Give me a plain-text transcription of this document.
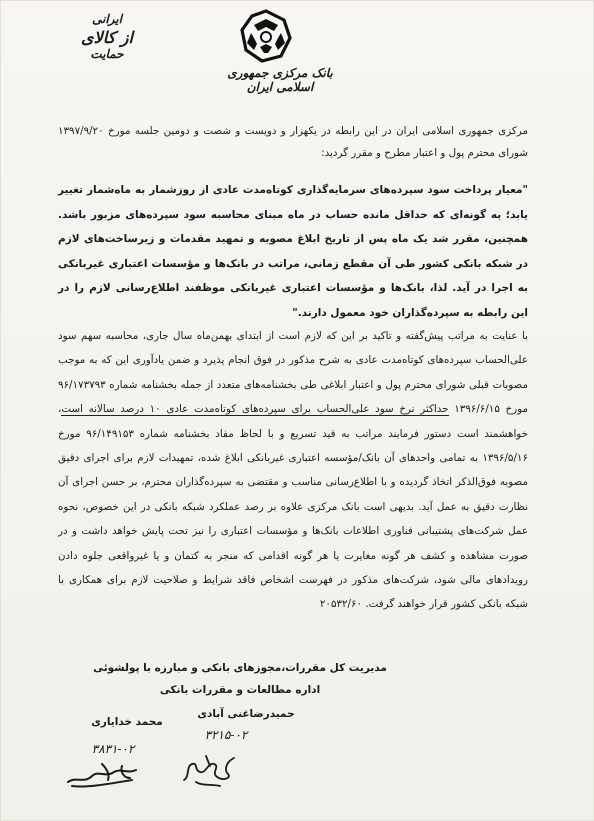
بانک مرکزی جمهوری اسلامی ایران
ایرانی
از کالای
حمایت
مرکزی جمهوری اسلامی ایران در این رابطه در یکهزار و دویست و شصت و دومین جلسه مورخ ۱۳۹۷/۹/۲۰ شورای محترم پول و اعتبار مطرح و مقرر گردید:
"معیار پرداخت سود سپرده‌های سرمایه‌گذاری کوتاه‌مدت عادی از روزشمار به ماه‌شمار تغییر یابد؛ به گونه‌ای که حداقل مانده حساب در ماه مبنای محاسبه سود سپرده‌های مزبور باشد. همچنین، مقرر شد یک ماه پس از تاریخ ابلاغ مصوبه و تمهید مقدمات و زیرساخت‌های لازم در شبکه بانکی کشور طی آن مقطع زمانی، مراتب در بانک‌ها و مؤسسات اعتباری غیربانکی به اجرا در آید. لذا، بانک‌ها و مؤسسات اعتباری غیربانکی موظفند اطلاع‌رسانی لازم را در این رابطه به سپرده‌گذاران خود معمول دارند."
با عنایت به مراتب پیش‌گفته و تاکید بر این که لازم است از ابتدای بهمن‌ماه سال جاری، محاسبه سهم سود علی‌الحساب سپرده‌های کوتاه‌مدت عادی به شرح مذکور در فوق انجام پذیرد و ضمن یادآوری این که به موجب مصوبات قبلی شورای محترم پول و اعتبار ابلاغی طی بخشنامه‌های متعدد از جمله بخشنامه شماره ۹۶/۱۷۳۷۹۳ مورخ ۱۳۹۶/۶/۱۵ حداکثر نرخ سود علی‌الحساب برای سپرده‌های کوتاه‌مدت عادی ۱۰ درصد سالانه است، خواهشمند است دستور فرمایند مراتب به قید تسریع و با لحاظ مفاد بخشنامه شماره ۹۶/۱۴۹۱۵۳ مورخ ۱۳۹۶/۵/۱۶ به تمامی واحدهای آن بانک/مؤسسه اعتباری غیربانکی ابلاغ شده، تمهیدات لازم برای اجرای دقیق مصوبه فوق‌الذکر اتخاذ گردیده و با اطلاع‌رسانی مناسب و مقتضی به سپرده‌گذاران محترم، بر حسن اجرای آن نظارت دقیق به عمل آید. بدیهی است بانک مرکزی علاوه بر رصد عملکرد شبکه بانکی در این خصوص، نحوه عمل شرکت‌های پشتیبانی فناوری اطلاعات بانک‌ها و مؤسسات اعتباری را نیز تحت پایش خواهد داشت و در صورت مشاهده و کشف هر گونه مغایرت یا هر گونه اقدامی که منجر به کتمان و یا غیرواقعی جلوه دادن رویدادهای مالی شود، شرکت‌های مذکور در فهرست اشخاص فاقد شرایط و صلاحیت لازم برای همکاری با شبکه بانکی کشور قرار خواهند گرفت. ۲۰۵۳۲/۶۰
مدیریت کل مقررات،مجوزهای بانکی و مبارزه با پولشوئی
اداره مطالعات و مقررات بانکی
حمیدرضاغنی آبادی
۳۲۱۵-۰۲
محمد خدایاری
۳۸۳۱-۰۲
